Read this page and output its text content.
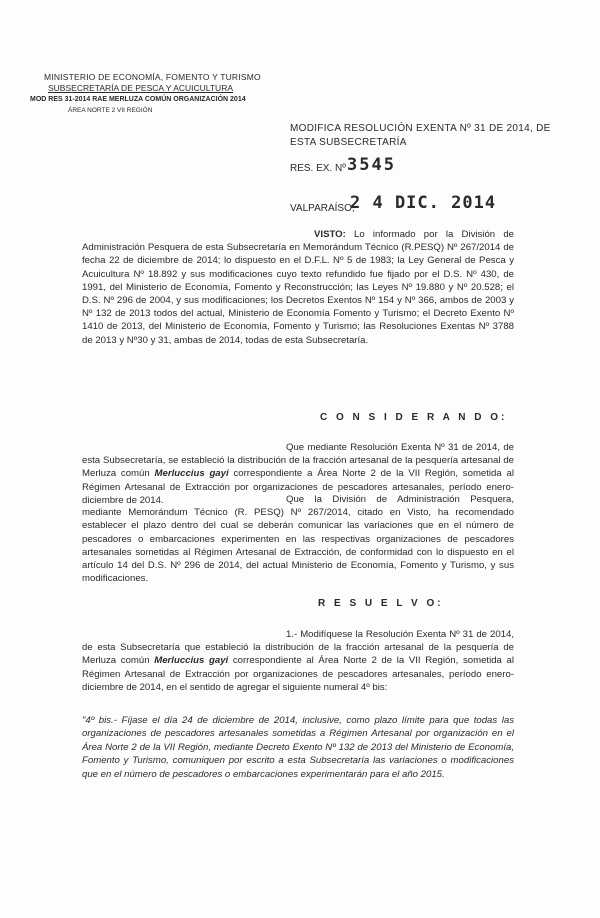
MINISTERIO DE ECONOMÍA, FOMENTO Y TURISMO
SUBSECRETARÍA DE PESCA Y ACUICULTURA
MOD RES 31-2014 RAE MERLUZA COMÚN ORGANIZACIÓN 2014
ÁREA NORTE 2 VII REGIÓN
MODIFICA RESOLUCIÓN EXENTA Nº 31 DE 2014, DE ESTA SUBSECRETARÍA
RES. EX. Nº 3545
VALPARAÍSO,
2 4 DIC. 2014
VISTO: Lo informado por la División de Administración Pesquera de esta Subsecretaría en Memorándum Técnico (R.PESQ) Nº 267/2014 de fecha 22 de diciembre de 2014; lo dispuesto en el D.F.L. Nº 5 de 1983; la Ley General de Pesca y Acuicultura Nº 18.892 y sus modificaciones cuyo texto refundido fue fijado por el D.S. Nº 430, de 1991, del Ministerio de Economía, Fomento y Reconstrucción; las Leyes Nº 19.880 y Nº 20.528; el D.S. Nº 296 de 2004, y sus modificaciones; los Decretos Exentos Nº 154 y Nº 366, ambos de 2003 y Nº 132 de 2013 todos del actual, Ministerio de Economía Fomento y Turismo; el Decreto Exento Nº 1410 de 2013, del Ministerio de Economía, Fomento y Turismo; las Resoluciones Exentas Nº 3788 de 2013 y Nº30 y 31, ambas de 2014, todas de esta Subsecretaría.
C O N S I D E R A N D O:
Que mediante Resolución Exenta Nº 31 de 2014, de esta Subsecretaría, se estableció la distribución de la fracción artesanal de la pesquería artesanal de Merluza común Merluccius gayi correspondiente a Área Norte 2 de la VII Región, sometida al Régimen Artesanal de Extracción por organizaciones de pescadores artesanales, período enero-diciembre de 2014.	Que la División de Administración Pesquera, mediante Memorándum Técnico (R. PESQ) Nº 267/2014, citado en Visto, ha recomendado establecer el plazo dentro del cual se deberán comunicar las variaciones que en el número de pescadores o embarcaciones experimenten en las respectivas organizaciones de pescadores artesanales sometidas al Régimen Artesanal de Extracción, de conformidad con lo dispuesto en el artículo 14 del D.S. Nº 296 de 2014, del actual Ministerio de Economía, Fomento y Turismo, y sus modificaciones.
R E S U E L V O:
1.- Modifíquese la Resolución Exenta Nº 31 de 2014, de esta Subsecretaría que estableció la distribución de la fracción artesanal de la pesquería de Merluza común Merluccius gayi correspondiente al Área Norte 2 de la VII Región, sometida al Régimen Artesanal de Extracción por organizaciones de pescadores artesanales, período enero-diciembre de 2014, en el sentido de agregar el siguiente numeral 4º bis:
"4º bis.- Fíjase el día 24 de diciembre de 2014, inclusive, como plazo límite para que todas las organizaciones de pescadores artesanales sometidas a Régimen Artesanal por organización en el Área Norte 2 de la VII Región, mediante Decreto Exento Nº 132 de 2013 del Ministerio de Economía, Fomento y Turismo, comuniquen por escrito a esta Subsecretaría las variaciones o modificaciones que en el número de pescadores o embarcaciones experimentarán para el año 2015.
